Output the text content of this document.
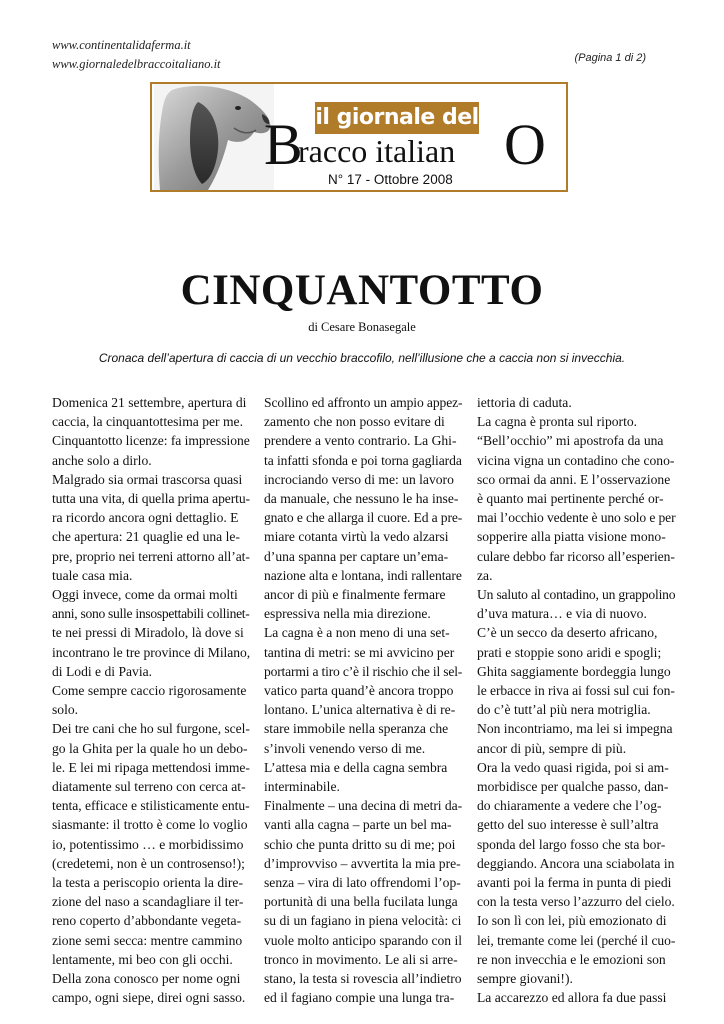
www.continentalidaferma.it
www.giornaledelbraccoitaliano.it	(Pagina 1 di 2)
il giornale del
B
racco italian O
N° 17 - Ottobre 2008
CINQUANTOTTO
di Cesare Bonasegale
Cronaca dell’apertura di caccia di un vecchio braccofilo, nell’illusione che a caccia non si invecchia.
Domenica 21 settembre, apertura di
caccia, la cinquantottesima per me.
Cinquantotto licenze: fa impressione
anche solo a dirlo.
Malgrado sia ormai trascorsa quasi
tutta una vita, di quella prima apertu-
ra ricordo ancora ogni dettaglio. E
che apertura: 21 quaglie ed una le-
pre, proprio nei terreni attorno all’at-
tuale casa mia.
Oggi invece, come da ormai molti
anni, sono sulle insospettabili collinet-
te nei pressi di Miradolo, là dove si
incontrano le tre province di Milano,
di Lodi e di Pavia.
Come sempre caccio rigorosamente
solo.
Dei tre cani che ho sul furgone, scel-
go la Ghita per la quale ho un debo-
le. E lei mi ripaga mettendosi imme-
diatamente sul terreno con cerca at-
tenta, efficace e stilisticamente entu-
siasmante: il trotto è come lo voglio
io, potentissimo … e morbidissimo
(credetemi, non è un controsenso!);
la testa a periscopio orienta la dire-
zione del naso a scandagliare il ter-
reno coperto d’abbondante vegeta-
zione semi secca: mentre cammino
lentamente, mi beo con gli occhi.
Della zona conosco per nome ogni
campo, ogni siepe, direi ogni sasso.
Scollino ed affronto un ampio appez-
zamento che non posso evitare di
prendere a vento contrario. La Ghi-
ta infatti sfonda e poi torna gagliarda
incrociando verso di me: un lavoro
da manuale, che nessuno le ha inse-
gnato e che allarga il cuore. Ed a pre-
miare cotanta virtù la vedo alzarsi
d’una spanna per captare un’ema-
nazione alta e lontana, indi rallentare
ancor di più e finalmente fermare
espressiva nella mia direzione.
La cagna è a non meno di una set-
tantina di metri: se mi avvicino per
portarmi a tiro c’è il rischio che il sel-
vatico parta quand’è ancora troppo
lontano. L’unica alternativa è di re-
stare immobile nella speranza che
s’involi venendo verso di me.
L’attesa mia e della cagna sembra
interminabile.
Finalmente – una decina di metri da-
vanti alla cagna – parte un bel ma-
schio che punta dritto su di me; poi
d’improvviso – avvertita la mia pre-
senza – vira di lato offrendomi l’op-
portunità di una bella fucilata lunga
su di un fagiano in piena velocità: ci
vuole molto anticipo sparando con il
tronco in movimento. Le ali si arre-
stano, la testa si rovescia all’indietro
ed il fagiano compie una lunga tra-
iettoria di caduta.
La cagna è pronta sul riporto.
“Bell’occhio” mi apostrofa da una
vicina vigna un contadino che cono-
sco ormai da anni. E l’osservazione
è quanto mai pertinente perché or-
mai l’occhio vedente è uno solo e per
sopperire alla piatta visione mono-
culare debbo far ricorso all’esperien-
za.
Un saluto al contadino, un grappolino
d’uva matura… e via di nuovo.
C’è un secco da deserto africano,
prati e stoppie sono aridi e spogli;
Ghita saggiamente bordeggia lungo
le erbacce in riva ai fossi sul cui fon-
do c’è tutt’al più nera motriglia.
Non incontriamo, ma lei si impegna
ancor di più, sempre di più.
Ora la vedo quasi rigida, poi si am-
morbidisce per qualche passo, dan-
do chiaramente a vedere che l’og-
getto del suo interesse è sull’altra
sponda del largo fosso che sta bor-
deggiando. Ancora una sciabolata in
avanti poi la ferma in punta di piedi
con la testa verso l’azzurro del cielo.
Io son lì con lei, più emozionato di
lei, tremante come lei (perché il cuo-
re non invecchia e le emozioni son
sempre giovani!).
La accarezzo ed allora fa due passi
